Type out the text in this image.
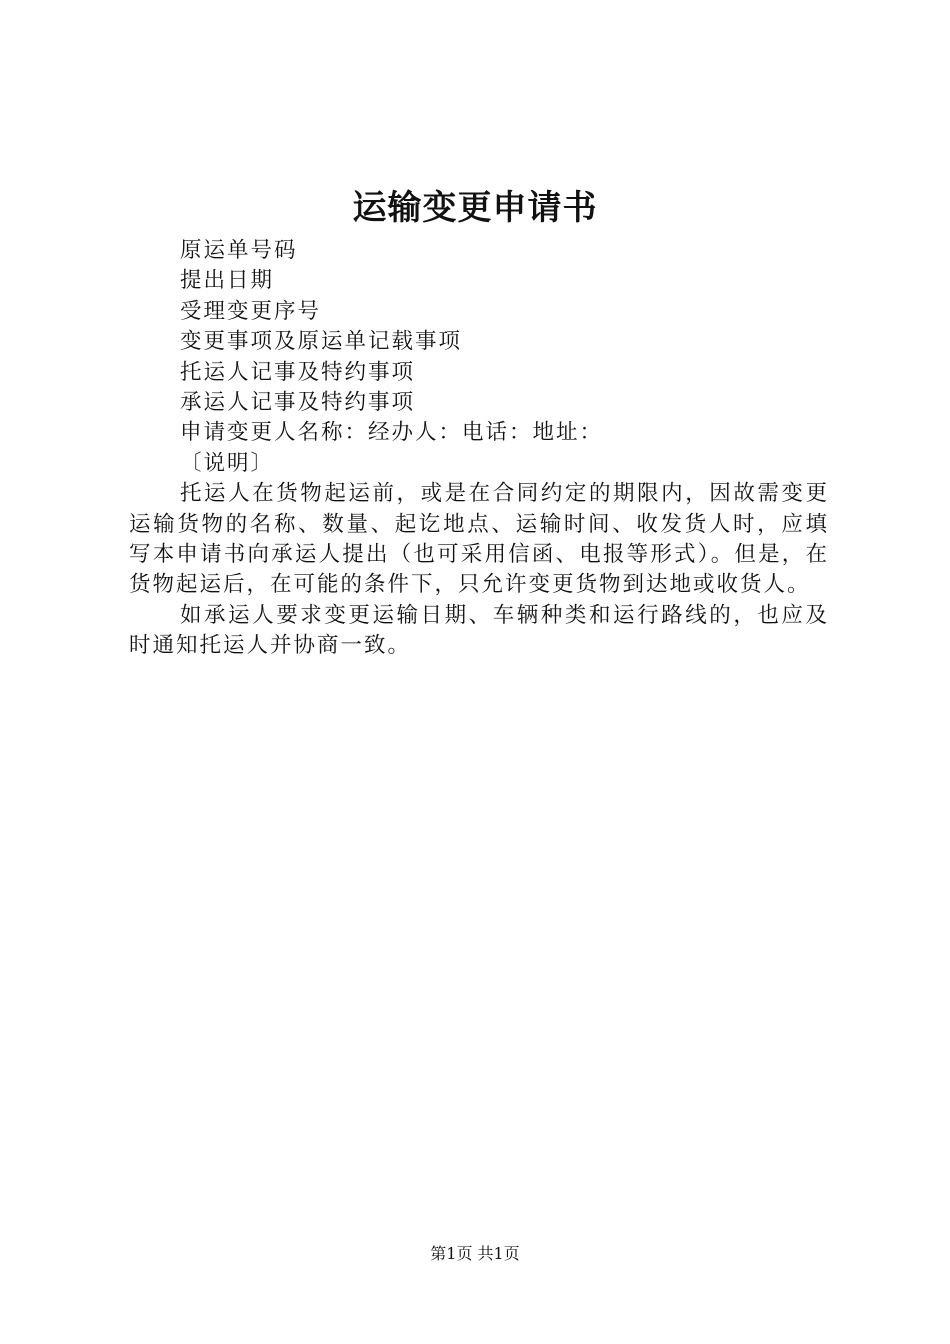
运输变更申请书
原运单号码
提出日期
受理变更序号
变更事项及原运单记载事项
托运人记事及特约事项
承运人记事及特约事项
申请变更人名称：经办人：电话：地址：
〔说明〕

托运人在货物起运前，或是在合同约定的期限内，因故需变更运输货物的名称、数量、起讫地点、运输时间、收发货人时，应填写本申请书向承运人提出（也可采用信函、电报等形式）。但是，在货物起运后，在可能的条件下，只允许变更货物到达地或收货人。

如承运人要求变更运输日期、车辆种类和运行路线的，也应及时通知托运人并协商一致。

第1页 共1页
